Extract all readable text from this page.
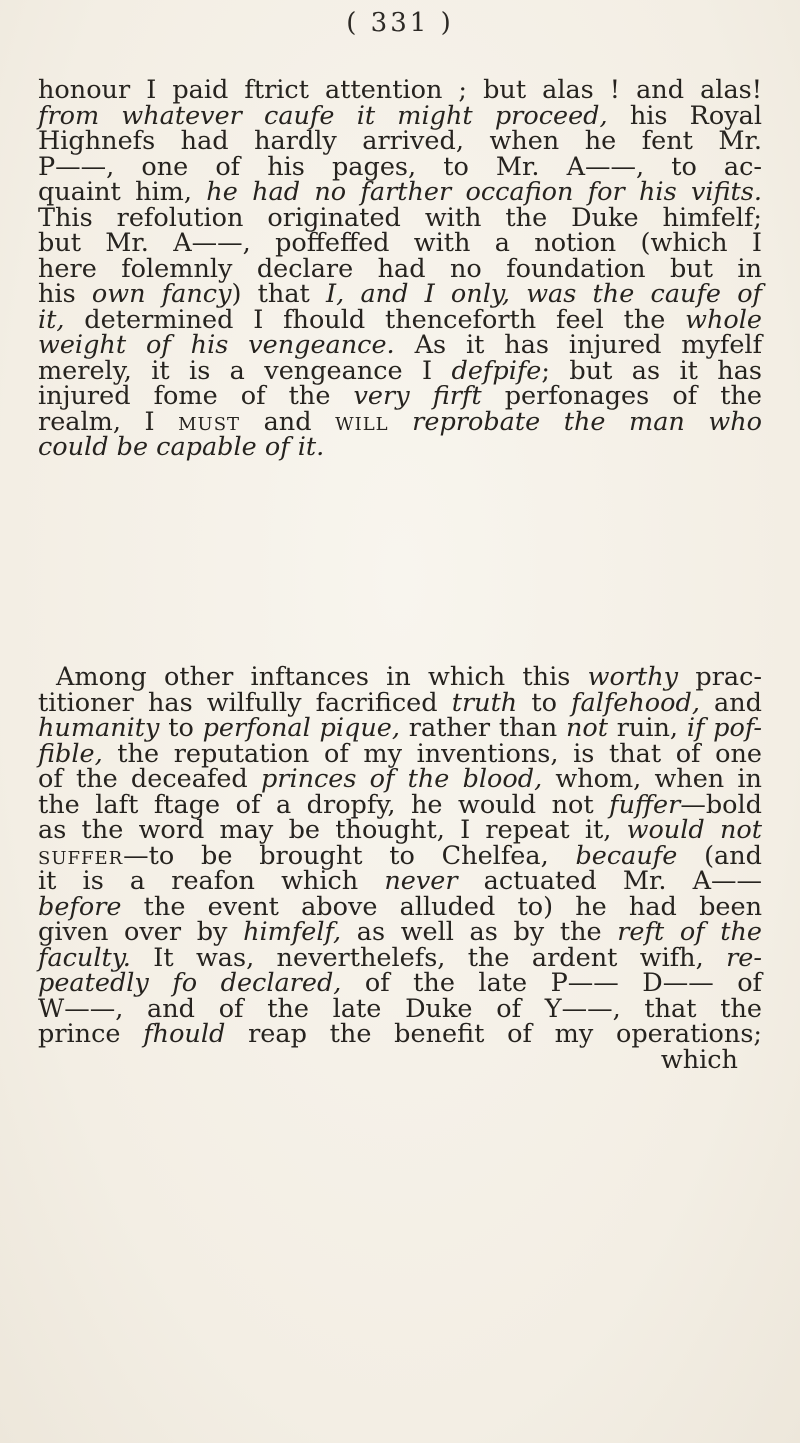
( 331 )
honour I paid ftrict attention ; but alas ! and alas!
from whatever caufe it might proceed, his Royal
Highnefs had hardly arrived, when he fent Mr.
P——, one of his pages, to Mr. A——, to ac-
quaint him, he had no farther occafion for his vifits.
This refolution originated with the Duke himfelf;
but Mr. A——, poffeffed with a notion (which I
here folemnly declare had no foundation but in
his own fancy) that I, and I only, was the caufe of
it, determined I fhould thenceforth feel the whole
weight of his vengeance. As it has injured myfelf
merely, it is a vengeance I defpife; but as it has
injured fome of the very firft perfonages of the
realm, I must and will reprobate the man who
could be capable of it.
Among other inftances in which this worthy prac-
titioner has wilfully facrificed truth to falfehood, and
humanity to perfonal pique, rather than not ruin, if pof-
fible, the reputation of my inventions, is that of one
of the deceafed princes of the blood, whom, when in
the laft ftage of a dropfy, he would not fuffer—bold
as the word may be thought, I repeat it, would not
suffer—to be brought to Chelfea, becaufe (and
it is a reafon which never actuated Mr. A——
before the event above alluded to) he had been
given over by himfelf, as well as by the reft of the
faculty. It was, neverthelefs, the ardent wifh, re-
peatedly fo declared, of the late P—— D—— of
W——, and of the late Duke of Y——, that the
prince fhould reap the benefit of my operations;
which
